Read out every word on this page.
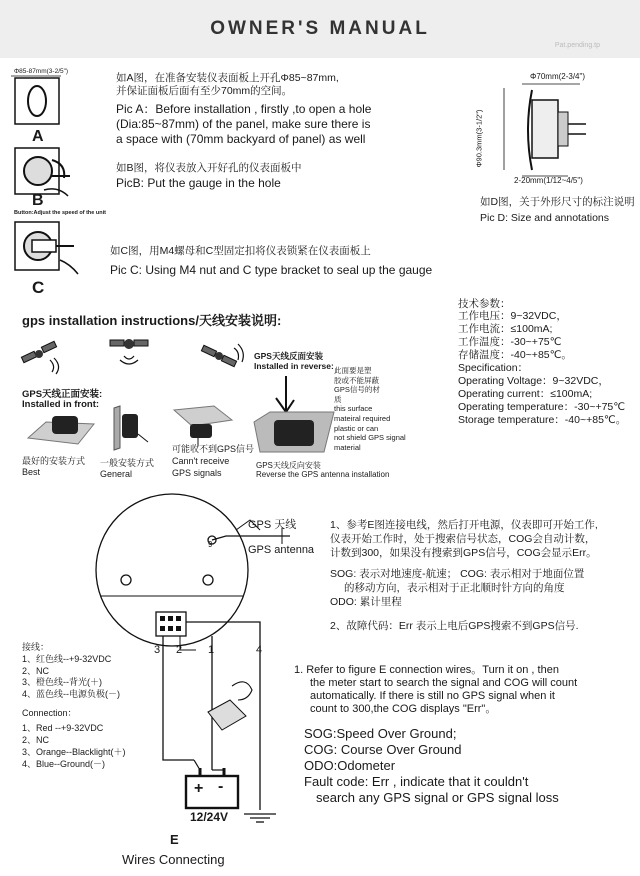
OWNER'S MANUAL
Pat.pending.tp
Φ85-87mm(3-2/5")
A
B
Button:Adjust the speed of the unit
C
如A图，在准备安装仪表面板上开孔Φ85~87mm,
并保证面板后面有至少70mm的空间。
Pic A：Before installation , firstly ,to open a hole
(Dia:85~87mm) of the panel, make sure there is
a space with (70mm backyard of panel) as well
如B图，将仪表放入开好孔的仪表面板中
PicB: Put the gauge in the hole
如C图，用M4螺母和C型固定扣将仪表锁紧在仪表面板上
Pic C: Using M4 nut and C type bracket to seal up the gauge
Φ70mm(2-3/4")
Φ90.3mm(3-1/2")
2-20mm(1/12~4/5")
如D图，关于外形尺寸的标注说明
Pic D: Size and annotations
gps installation instructions/天线安装说明:
GPS天线正面安装:
Installed in front:
最好的安装方式
Best
一般安装方式
General
可能收不到GPS信号
Cann't receive
GPS signals
GPS天线反面安装
Installed in reverse: 此面要是塑
胶或不能屏蔽
GPS信号的材
质
this surface
mateiral required
plastic or can
not shield GPS signal
material
GPS天线反向安装
Reverse the GPS antenna installation
技术参数：
工作电压：9~32VDC，
工作电流：≤100mA;
工作温度：-30~+75℃
存储温度：-40~+85℃。
Specification：
Operating Voltage：9~32VDC，
Operating current：≤100mA;
Operating temperature：-30~+75℃
Storage temperature：-40~+85℃。
GPS 天线
GPS antenna
9
3 2 1	4
+ -
12/24V
接线：
1、红色线--+9-32VDC
2、NC
3、橙色线--背光(＋)
4、蓝色线--电源负极(－)
Connection：
1、Red --+9-32VDC
2、NC
3、Orange--Blacklight(＋)
4、Blue--Ground(－)
E
Wires Connecting
1、参考E图连接电线，然后打开电源，仪表即可开始工作,
仪表开始工作时，处于搜索信号状态，COG会自动计数，
计数到300，如果没有搜索到GPS信号，COG会显示Err。
SOG: 表示对地速度-航速； COG: 表示相对于地面位置
的移动方向，表示相对于正北顺时针方向的角度
ODO: 累计里程
2、故障代码：Err 表示上电后GPS搜索不到GPS信号.
1. Refer to figure E connection wires。Turn it on , then
the meter start to search the signal and COG will count
automatically. If there is still no GPS signal when it
count to 300,the COG displays "Err"。
SOG:Speed Over Ground;
COG: Course Over Ground
ODO:Odometer
Fault code: Err , indicate that it couldn't
search any GPS signal or GPS signal loss
